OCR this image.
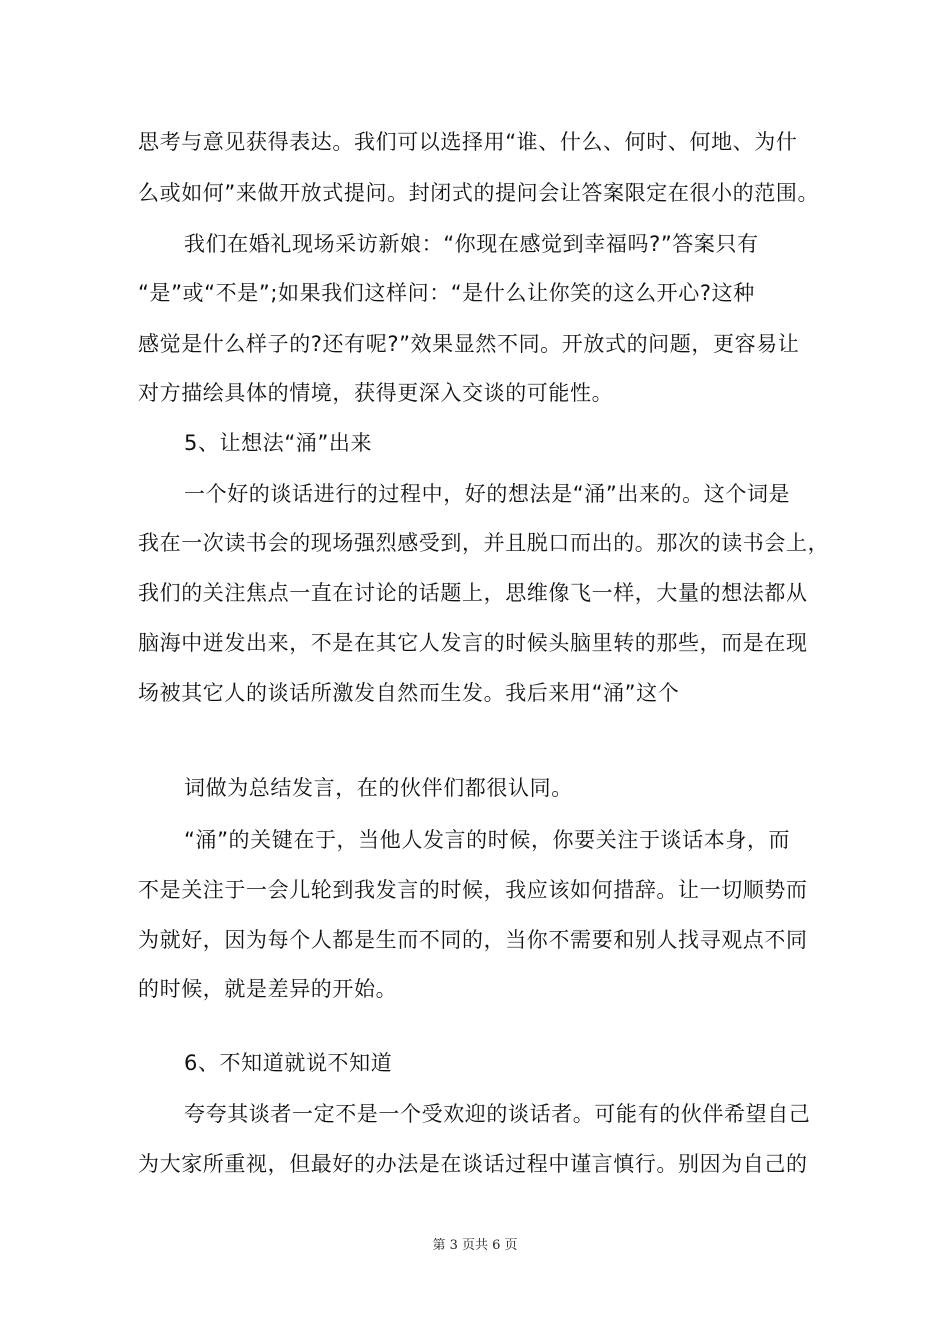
思考与意见获得表达。我们可以选择用“谁、什么、何时、何地、为什
么或如何”来做开放式提问。封闭式的提问会让答案限定在很小的范围。
我们在婚礼现场采访新娘：“你现在感觉到幸福吗?”答案只有
“是”或“不是”;如果我们这样问：“是什么让你笑的这么开心?这种
感觉是什么样子的?还有呢?”效果显然不同。开放式的问题，更容易让
对方描绘具体的情境，获得更深入交谈的可能性。
5、让想法“涌”出来
一个好的谈话进行的过程中，好的想法是“涌”出来的。这个词是
我在一次读书会的现场强烈感受到，并且脱口而出的。那次的读书会上，
我们的关注焦点一直在讨论的话题上，思维像飞一样，大量的想法都从
脑海中迸发出来，不是在其它人发言的时候头脑里转的那些，而是在现
场被其它人的谈话所激发自然而生发。我后来用“涌”这个
词做为总结发言，在的伙伴们都很认同。
“涌”的关键在于，当他人发言的时候，你要关注于谈话本身，而
不是关注于一会儿轮到我发言的时候，我应该如何措辞。让一切顺势而
为就好，因为每个人都是生而不同的，当你不需要和别人找寻观点不同
的时候，就是差异的开始。
6、不知道就说不知道
夸夸其谈者一定不是一个受欢迎的谈话者。可能有的伙伴希望自己
为大家所重视，但最好的办法是在谈话过程中谨言慎行。别因为自己的
第 3 页共 6 页
